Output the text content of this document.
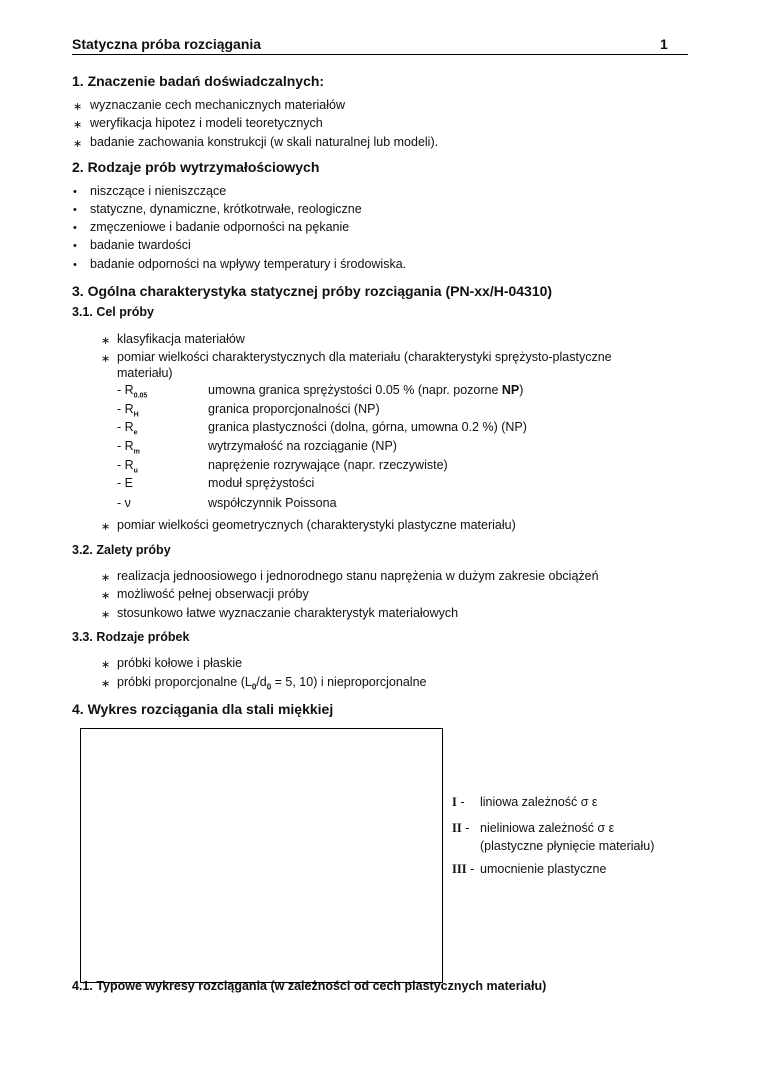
Statyczna próba rozciągania	1
1. Znaczenie badań doświadczalnych:
∗ wyznaczanie cech mechanicznych materiałów
∗ weryfikacja hipotez i modeli teoretycznych
∗ badanie zachowania konstrukcji (w skali naturalnej lub modeli).
2. Rodzaje prób wytrzymałościowych
• niszczące i nieniszczące
• statyczne, dynamiczne, krótkotrwałe, reologiczne
• zmęczeniowe i badanie odporności na pękanie
• badanie twardości
• badanie odporności na wpływy temperatury i środowiska.
3. Ogólna charakterystyka statycznej próby rozciągania (PN-xx/H-04310)
3.1. Cel próby
∗ klasyfikacja materiałów
∗ pomiar wielkości charakterystycznych dla materiału (charakterystyki sprężysto-plastyczne
materiału)
- $R_{0.05}$	umowna granica sprężystości 0.05 % (napr. pozorne NP)
- $R_H$	granica proporcjonalności (NP)
- $R_e$	granica plastyczności (dolna, górna, umowna 0.2 %) (NP)
- $R_m$	wytrzymałość na rozciąganie (NP)
- $R_u$	naprężenie rozrywające (napr. rzeczywiste)
- E	moduł sprężystości
- ν	współczynnik Poissona
∗ pomiar wielkości geometrycznych (charakterystyki plastyczne materiału)
3.2. Zalety próby
∗ realizacja jednoosiowego i jednorodnego stanu naprężenia w dużym zakresie obciążeń
∗ możliwość pełnej obserwacji próby
∗ stosunkowo łatwe wyznaczanie charakterystyk materiałowych
3.3. Rodzaje próbek
∗ próbki kołowe i płaskie
∗ próbki proporcjonalne ($L_0/d_0 = 5$, 10) i nieproporcjonalne
4. Wykres rozciągania dla stali miękkiej
I - liniowa zależność σ ε
II - nieliniowa zależność σ ε
(plastyczne płynięcie materiału)
III - umocnienie plastyczne
4.1. Typowe wykresy rozciągania (w zależności od cech plastycznych materiału)
